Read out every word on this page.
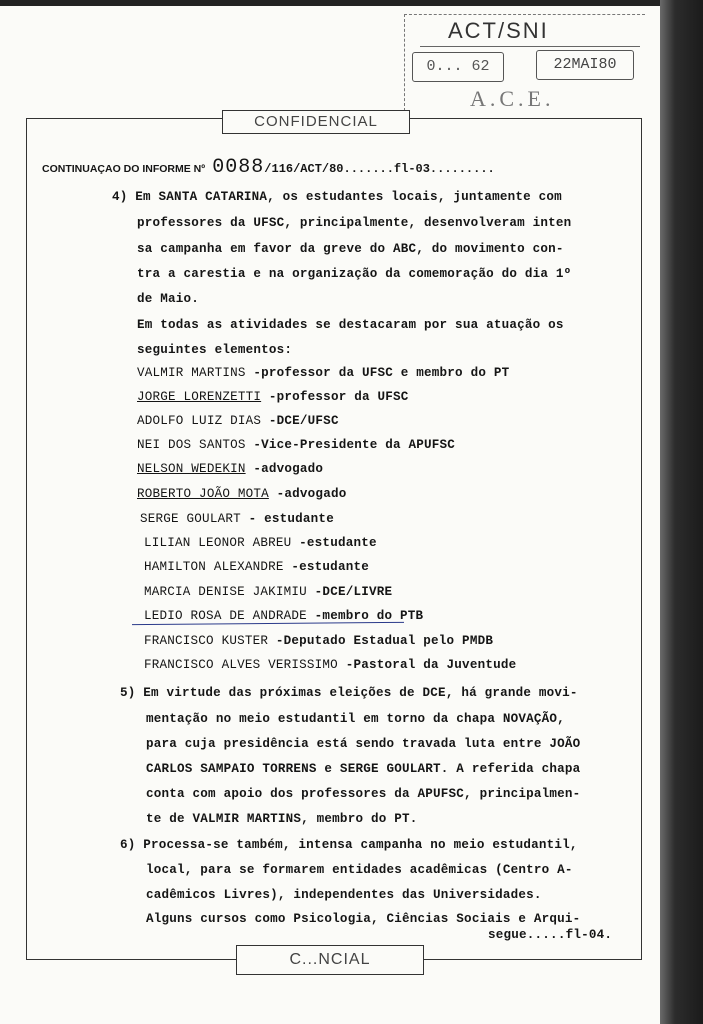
ACT/SNI
0... 62	22MAI80
A.C.E.
CONFIDENCIAL
C...NCIAL
CONTINUAÇAO DO INFORME Nº 0088/116/ACT/80.......fl-03.........
4) Em SANTA CATARINA, os estudantes locais, juntamente com
professores da UFSC, principalmente, desenvolveram inten
sa campanha em favor da greve do ABC, do movimento con-
tra a carestia e na organização da comemoração do dia 1º
de Maio.
Em todas as atividades se destacaram por sua atuação os
seguintes elementos:
VALMIR MARTINS -professor da UFSC e membro do PT
JORGE LORENZETTI -professor da UFSC
ADOLFO LUIZ DIAS -DCE/UFSC
NEI DOS SANTOS -Vice-Presidente da APUFSC
NELSON WEDEKIN -advogado
ROBERTO JOÃO MOTA -advogado
SERGE GOULART - estudante
LILIAN LEONOR ABREU -estudante
HAMILTON ALEXANDRE -estudante
MARCIA DENISE JAKIMIU -DCE/LIVRE
LEDIO ROSA DE ANDRADE -membro do PTB
FRANCISCO KUSTER -Deputado Estadual pelo PMDB
FRANCISCO ALVES VERISSIMO -Pastoral da Juventude
5) Em virtude das próximas eleições de DCE, há grande movi-
mentação no meio estudantil em torno da chapa NOVAÇÃO,
para cuja presidência está sendo travada luta entre JOÃO
CARLOS SAMPAIO TORRENS e SERGE GOULART. A referida chapa
conta com apoio dos professores da APUFSC, principalmen-
te de VALMIR MARTINS, membro do PT.
6) Processa-se também, intensa campanha no meio estudantil,
local, para se formarem entidades acadêmicas (Centro A-
cadêmicos Livres), independentes das Universidades.
Alguns cursos como Psicologia, Ciências Sociais e Arqui-
segue.....fl-04.
